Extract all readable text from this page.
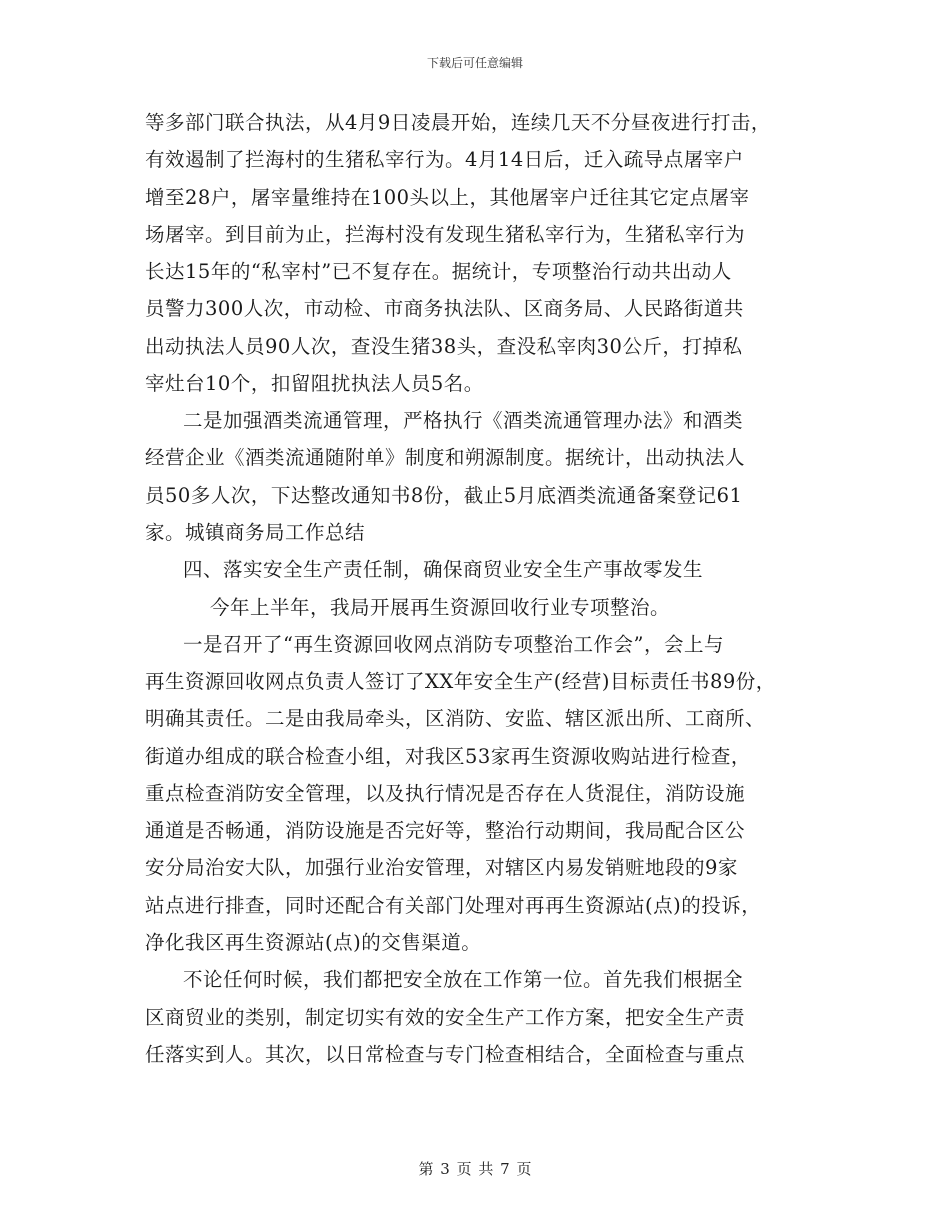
下载后可任意编辑
等多部门联合执法，从4月9日凌晨开始，连续几天不分昼夜进行打击，
有效遏制了拦海村的生猪私宰行为。4月14日后，迁入疏导点屠宰户
增至28户，屠宰量维持在100头以上，其他屠宰户迁往其它定点屠宰
场屠宰。到目前为止，拦海村没有发现生猪私宰行为，生猪私宰行为
长达15年的“私宰村”已不复存在。据统计，专项整治行动共出动人
员警力300人次，市动检、市商务执法队、区商务局、人民路街道共
出动执法人员90人次，查没生猪38头，查没私宰肉30公斤，打掉私
宰灶台10个，扣留阻扰执法人员5名。
二是加强酒类流通管理，严格执行《酒类流通管理办法》和酒类
经营企业《酒类流通随附单》制度和朔源制度。据统计，出动执法人
员50多人次，下达整改通知书8份，截止5月底酒类流通备案登记61
家。城镇商务局工作总结
四、落实安全生产责任制，确保商贸业安全生产事故零发生
今年上半年，我局开展再生资源回收行业专项整治。
一是召开了“再生资源回收网点消防专项整治工作会”，会上与
再生资源回收网点负责人签订了XX年安全生产(经营)目标责任书89份，
明确其责任。二是由我局牵头，区消防、安监、辖区派出所、工商所、
街道办组成的联合检查小组，对我区53家再生资源收购站进行检查，
重点检查消防安全管理，以及执行情况是否存在人货混住，消防设施
通道是否畅通，消防设施是否完好等，整治行动期间，我局配合区公
安分局治安大队，加强行业治安管理，对辖区内易发销赃地段的9家
站点进行排查，同时还配合有关部门处理对再再生资源站(点)的投诉，
净化我区再生资源站(点)的交售渠道。
不论任何时候，我们都把安全放在工作第一位。首先我们根据全
区商贸业的类别，制定切实有效的安全生产工作方案，把安全生产责
任落实到人。其次，以日常检查与专门检查相结合，全面检查与重点
第 3 页 共 7 页
